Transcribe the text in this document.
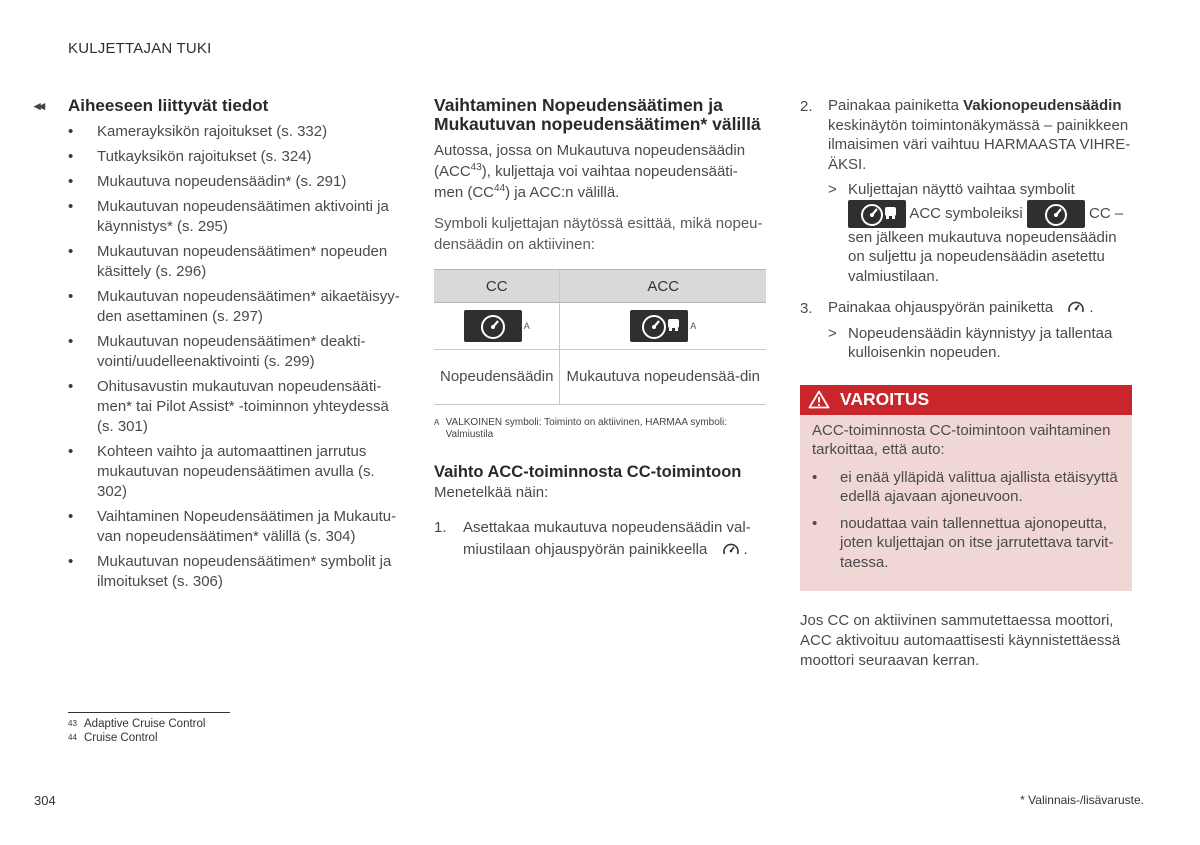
KULJETTAJAN TUKI
◂◂	Aiheeseen liittyvät tiedot
• Kamerayksikön rajoitukset (s. 332)
• Tutkayksikön rajoitukset (s. 324)
• Mukautuva nopeudensäädin* (s. 291)
• Mukautuvan nopeudensäätimen aktivointi ja käynnistys* (s. 295)
• Mukautuvan nopeudensäätimen* nopeuden käsittely (s. 296)
• Mukautuvan nopeudensäätimen* aikaetäisyy-den asettaminen (s. 297)
• Mukautuvan nopeudensäätimen* deakti-vointi/uudelleenaktivointi (s. 299)
• Ohitusavustin mukautuvan nopeudensääti-men* tai Pilot Assist* -toiminnon yhteydessä (s. 301)
• Kohteen vaihto ja automaattinen jarrutus mukautuvan nopeudensäätimen avulla (s. 302)
• Vaihtaminen Nopeudensäätimen ja Mukautu-van nopeudensäätimen* välillä (s. 304)
• Mukautuvan nopeudensäätimen* symbolit ja ilmoitukset (s. 306)
Vaihtaminen Nopeudensäätimen ja Mukautuvan nopeudensäätimen* välillä

Autossa, jossa on Mukautuva nopeudensäädin (ACC$^{43}$), kuljettaja voi vaihtaa nopeudensääti-men (CC$^{44}$) ja ACC:n välillä.

Symboli kuljettajan näytössä esittää, mikä nopeu-densäädin on aktiivinen:

CC	ACC

A	A
Nopeudensäädin	Mukautuva nopeudensää-din
A VALKOINEN symboli: Toiminto on aktiivinen, HARMAA symboli: Valmiustila
Vaihto ACC-toiminnosta CC-toimintoon

Menetelkää näin:

1. Asettakaa mukautuva nopeudensäädin val-miustilaan ohjauspyörän painikkeella .
2. Painakaa painiketta Vakionopeudensäädin keskinäytön toimintonäkymässä – painikkeen ilmaisimen väri vaihtuu HARMAASTA VIHRE-ÄKSI.
> Kuljettajan näyttö vaihtaa symbolit

ACC symboleiksi	CC – sen jälkeen mukautuva nopeudensäädin on suljettu ja nopeudensäädin asetettu valmiustilaan.
3. Painakaa ohjauspyörän painiketta .
> Nopeudensäädin käynnistyy ja tallentaa kulloisenkin nopeuden.
VAROITUS

ACC-toiminnosta CC-toimintoon vaihtaminen tarkoittaa, että auto:

• ei enää ylläpidä valittua ajallista etäisyyttä edellä ajavaan ajoneuvoon.
• noudattaa vain tallennettua ajonopeutta, joten kuljettajan on itse jarrutettava tarvit-taessa.

Jos CC on aktiivinen sammutettaessa moottori, ACC aktivoituu automaattisesti käynnistettäessä moottori seuraavan kerran.

43 Adaptive Cruise Control
44 Cruise Control
304	* Valinnais-/lisävaruste.
